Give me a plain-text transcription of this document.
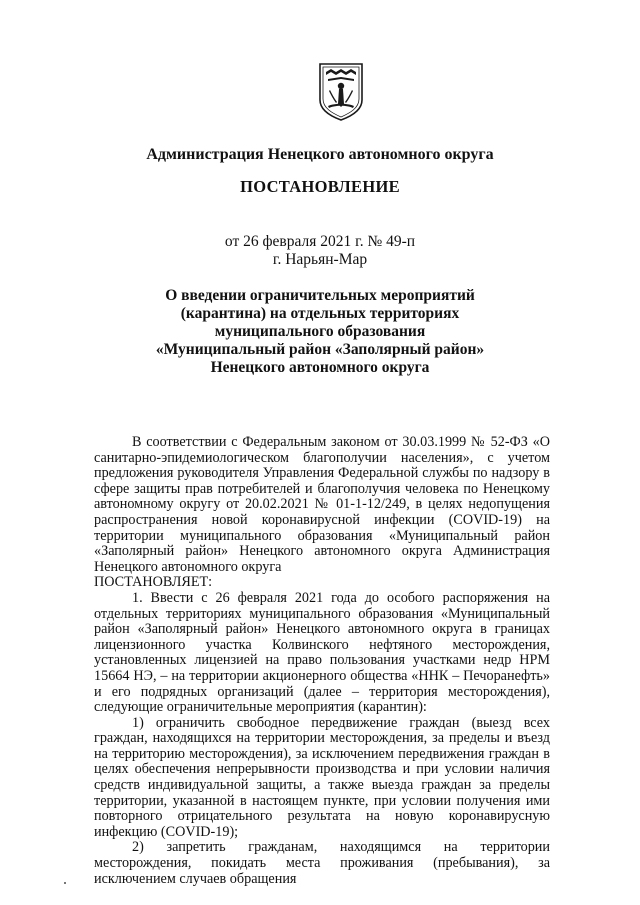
Администрация Ненецкого автономного округа
ПОСТАНОВЛЕНИЕ
от 26 февраля 2021 г. № 49-п
г. Нарьян-Мар
О введении ограничительных мероприятий
(карантина) на отдельных территориях
муниципального образования
«Муниципальный район «Заполярный район»
Ненецкого автономного округа

В соответствии с Федеральным законом от 30.03.1999 № 52-ФЗ «О санитарно-эпидемиологическом благополучии населения», с учетом предложения руководителя Управления Федеральной службы по надзору в сфере защиты прав потребителей и благополучия человека по Ненецкому автономному округу от 20.02.2021 № 01-1-12/249, в целях недопущения распространения новой коронавирусной инфекции (COVID-19) на территории муниципального образования «Муниципальный район «Заполярный район» Ненецкого автономного округа Администрация Ненецкого автономного округа

ПОСТАНОВЛЯЕТ:

1. Ввести с 26 февраля 2021 года до особого распоряжения на отдельных территориях муниципального образования «Муниципальный район «Заполярный район» Ненецкого автономного округа в границах лицензионного участка Колвинского нефтяного месторождения, установленных лицензией на право пользования участками недр НРМ 15664 НЭ, – на территории акционерного общества «ННК – Печоранефть» и его подрядных организаций (далее – территория месторождения), следующие ограничительные мероприятия (карантин):

1) ограничить свободное передвижение граждан (выезд всех граждан, находящихся на территории месторождения, за пределы и въезд на территорию месторождения), за исключением передвижения граждан в целях обеспечения непрерывности производства и при условии наличия средств индивидуальной защиты, а также выезда граждан за пределы территории, указанной в настоящем пункте, при условии получения ими повторного отрицательного результата на новую коронавирусную инфекцию (COVID-19);

2) запретить гражданам, находящимся на территории месторождения, покидать места проживания (пребывания), за исключением случаев обращения
